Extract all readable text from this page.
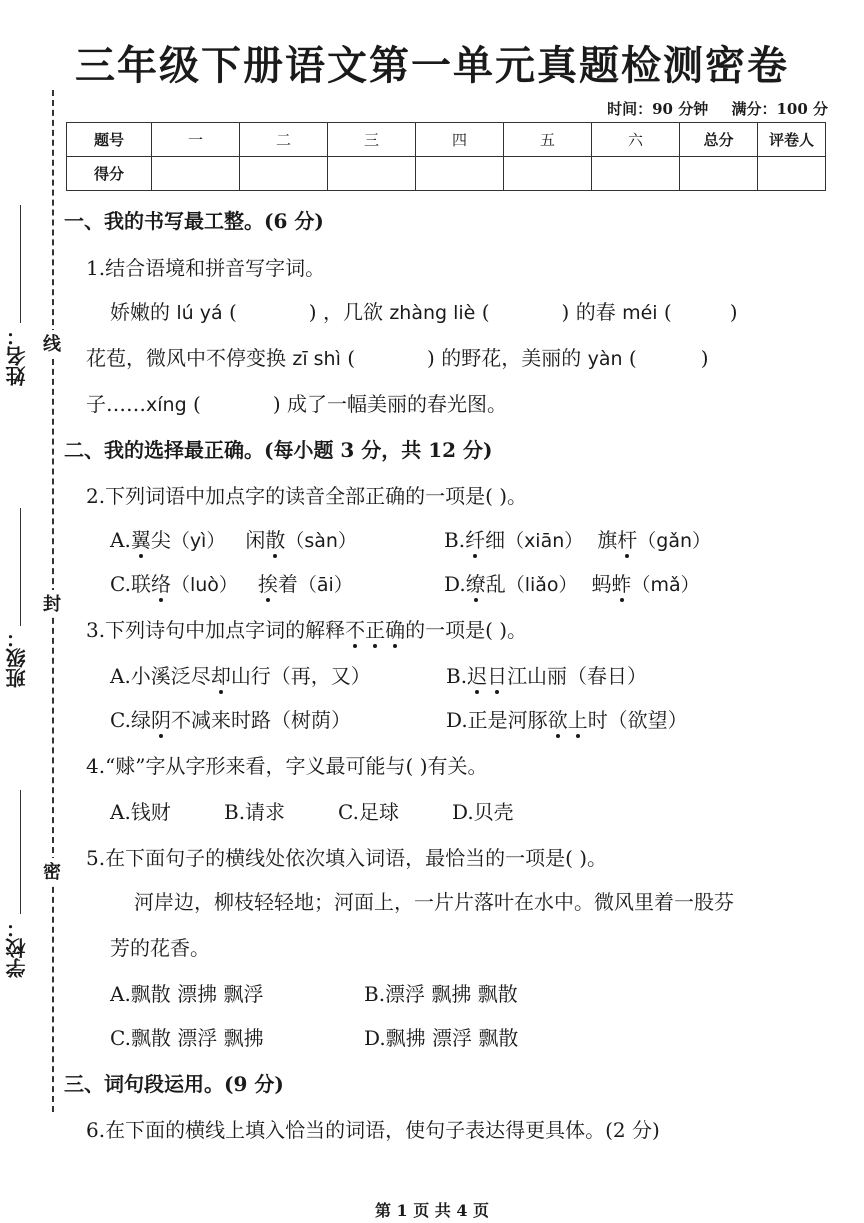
三年级下册语文第一单元真题检测密卷
时间：90 分钟 满分：100 分
题号	一	二	三	四	五	六	总分	评卷人
得分								
线
封
密
姓名：
班级：
学校：
一、我的书写最工整。(6 分)
1.结合语境和拼音写字词。
娇嫩的 lú yá (	) ，几欲 zhàng liè (	) 的春 méi (	)
花苞，微风中不停变换 zī shì (	) 的野花，美丽的 yàn (	)
子……xíng (	) 成了一幅美丽的春光图。
二、我的选择最正确。(每小题 3 分，共 12 分)
2.下列词语中加点字的读音全部正确的一项是( )。
A.翼尖（yì） 闲散（sàn）	B.纤细（xiān） 旗杆（gǎn）
C.联络（luò） 挨着（āi）	D.缭乱（liǎo） 蚂蚱（mǎ）
3.下列诗句中加点字词的解释不正确的一项是( )。
A.小溪泛尽却山行（再，又）	B.迟日江山丽（春日）
C.绿阴不减来时路（树荫）	D.正是河豚欲上时（欲望）
4.“赇”字从字形来看，字义最可能与( )有关。
A.钱财	B.请求	C.足球	D.贝壳
5.在下面句子的横线处依次填入词语，最恰当的一项是( )。
河岸边，柳枝轻轻地；河面上，一片片落叶在水中。微风里着一股芬
芳的花香。
A.飘散 漂拂 飘浮	B.漂浮 飘拂 飘散
C.飘散 漂浮 飘拂	D.飘拂 漂浮 飘散
三、词句段运用。(9 分)
6.在下面的横线上填入恰当的词语，使句子表达得更具体。(2 分)
第 1 页 共 4 页
